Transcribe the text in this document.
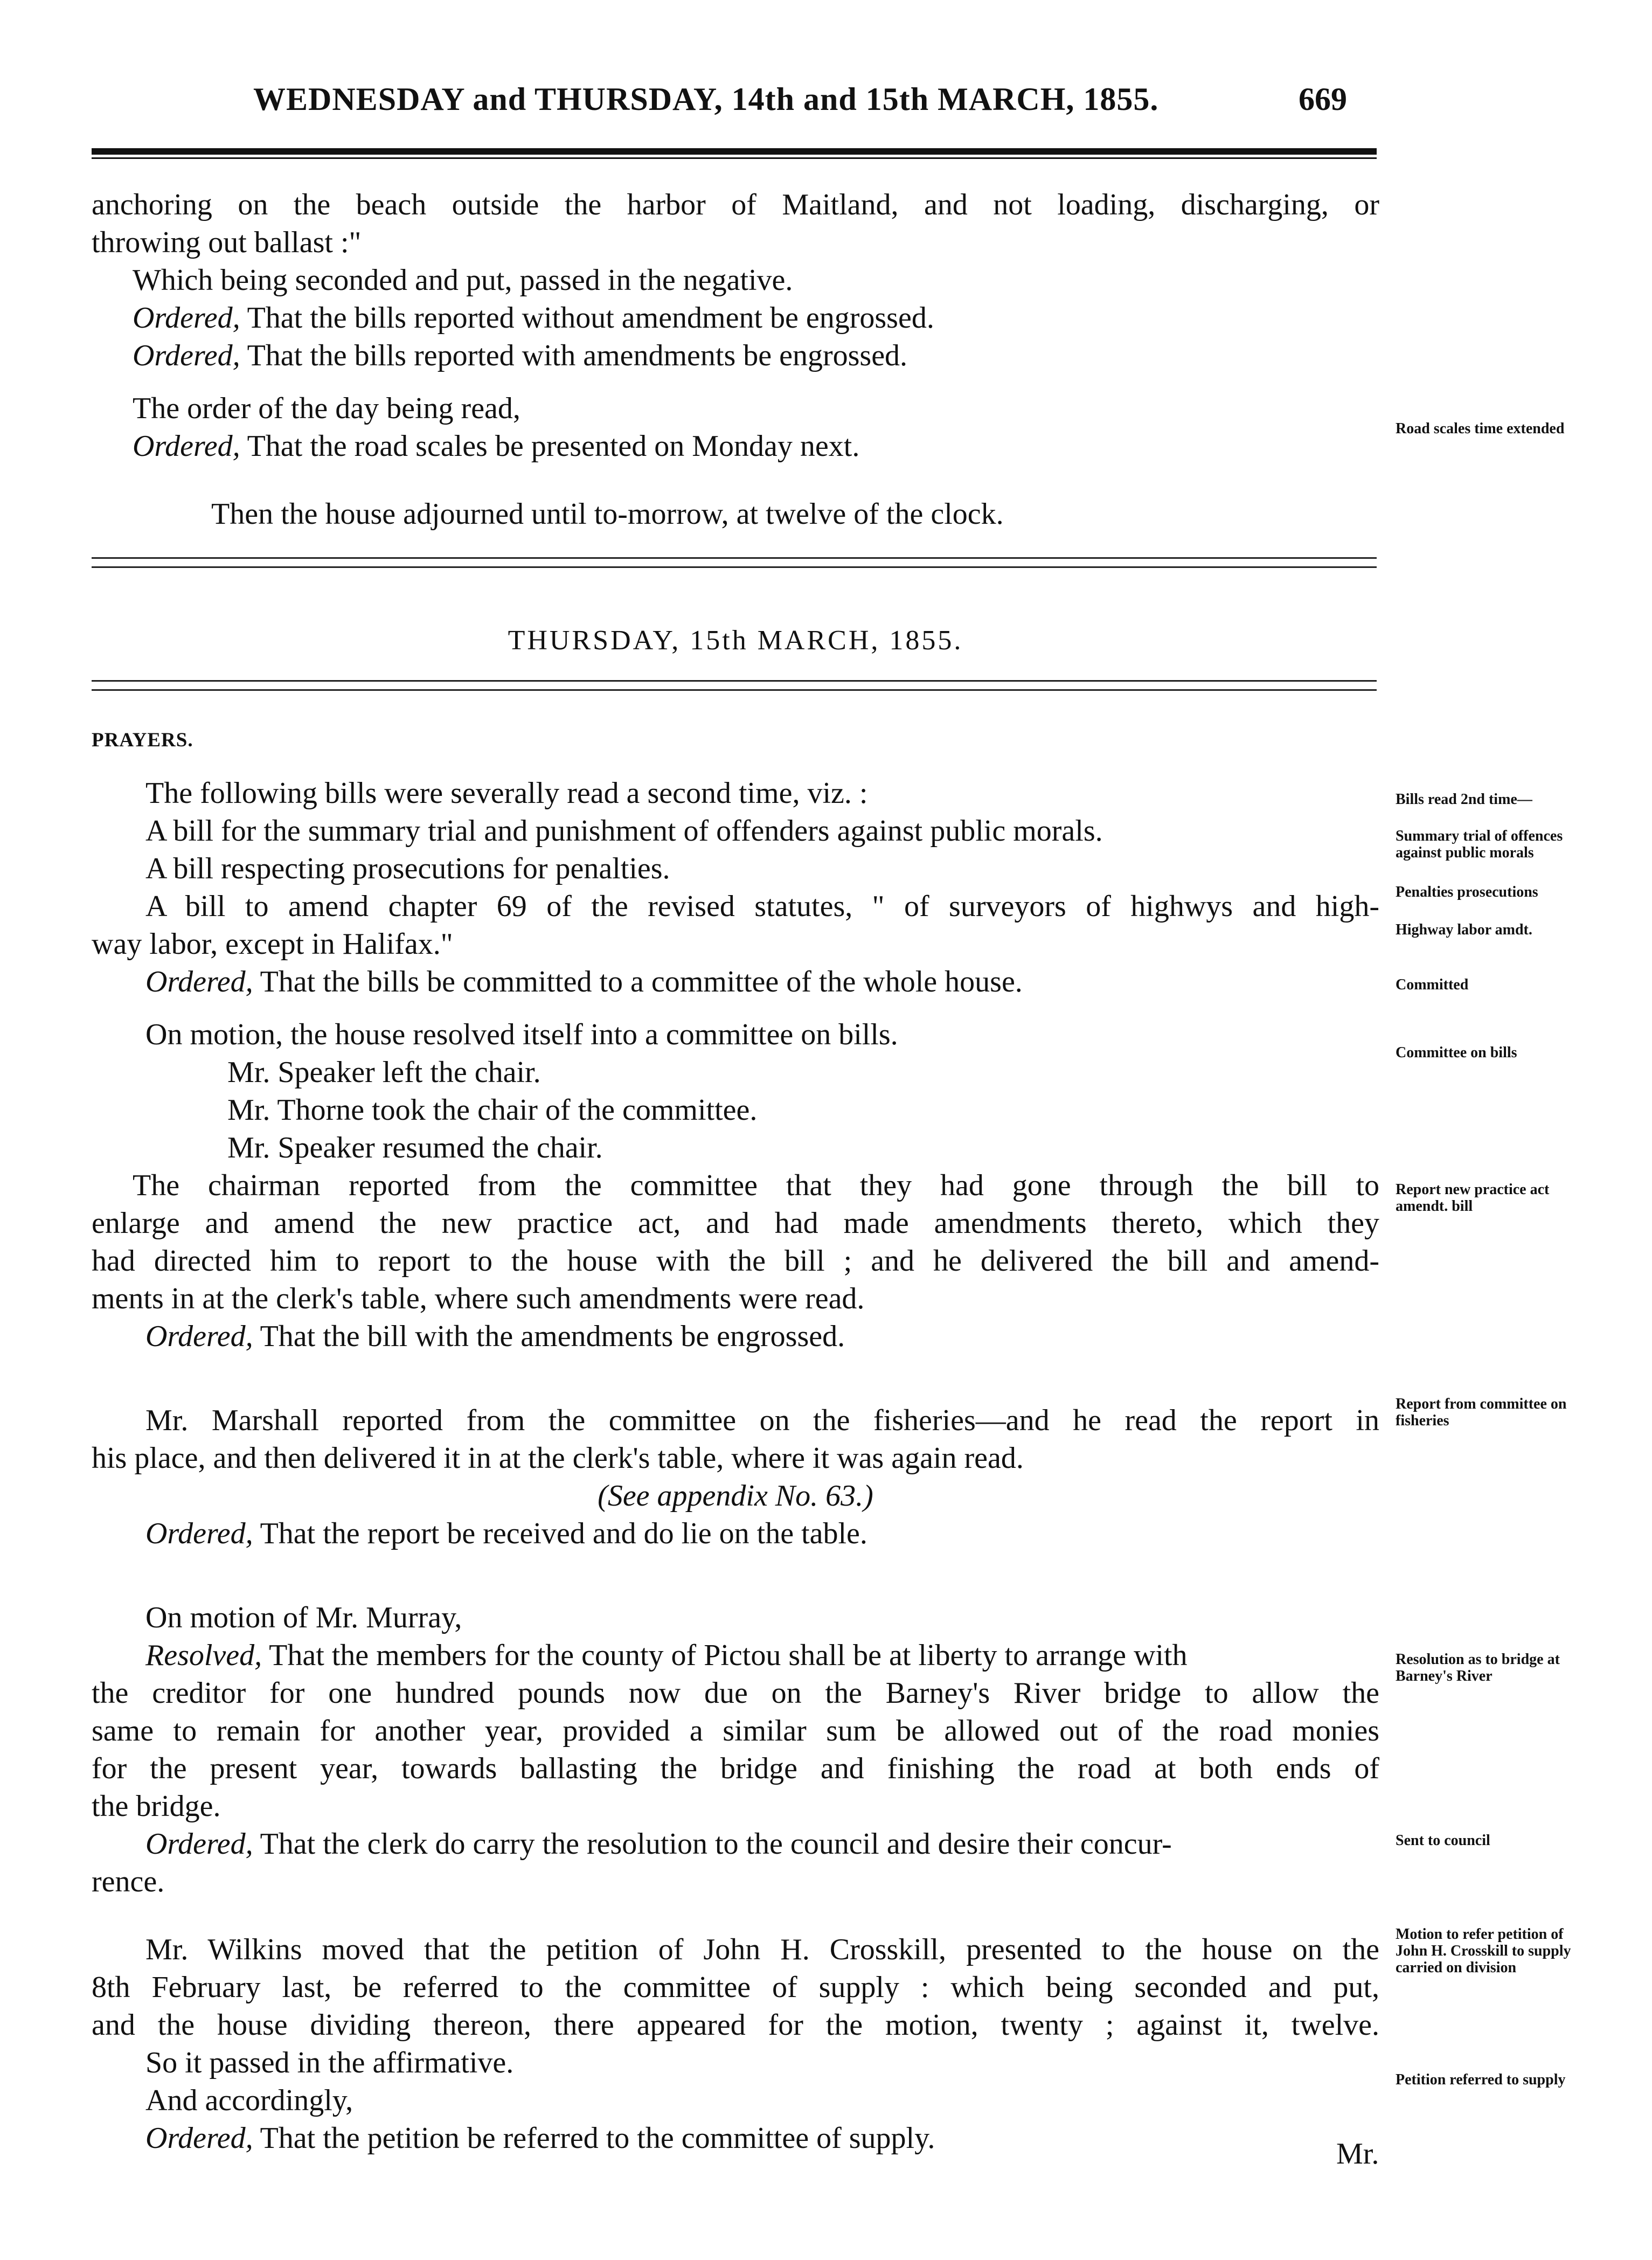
WEDNESDAY and THURSDAY, 14th and 15th MARCH, 1855.	669
anchoring on the beach outside the harbor of Maitland, and not loading, discharging, or
throwing out ballast :"
Which being seconded and put, passed in the negative.
Ordered, That the bills reported without amendment be engrossed.
Ordered, That the bills reported with amendments be engrossed.
The order of the day being read,
Ordered, That the road scales be presented on Monday next.
Then the house adjourned until to-morrow, at twelve of the clock.
THURSDAY, 15th MARCH, 1855.
PRAYERS.
The following bills were severally read a second time, viz. :
A bill for the summary trial and punishment of offenders against public morals.
A bill respecting prosecutions for penalties.
A bill to amend chapter 69 of the revised statutes, " of surveyors of highwys and high-
way labor, except in Halifax."
Ordered, That the bills be committed to a committee of the whole house.
On motion, the house resolved itself into a committee on bills.
Mr. Speaker left the chair.
Mr. Thorne took the chair of the committee.
Mr. Speaker resumed the chair.
The chairman reported from the committee that they had gone through the bill to
enlarge and amend the new practice act, and had made amendments thereto, which they
had directed him to report to the house with the bill ; and he delivered the bill and amend-
ments in at the clerk's table, where such amendments were read.
Ordered, That the bill with the amendments be engrossed.
Mr. Marshall reported from the committee on the fisheries—and he read the report in
his place, and then delivered it in at the clerk's table, where it was again read.
(See appendix No. 63.)
Ordered, That the report be received and do lie on the table.
On motion of Mr. Murray,
Resolved, That the members for the county of Pictou shall be at liberty to arrange with
the creditor for one hundred pounds now due on the Barney's River bridge to allow the
same to remain for another year, provided a similar sum be allowed out of the road monies
for the present year, towards ballasting the bridge and finishing the road at both ends of
the bridge.
Ordered, That the clerk do carry the resolution to the council and desire their concur-
rence.
Mr. Wilkins moved that the petition of John H. Crosskill, presented to the house on the
8th February last, be referred to the committee of supply : which being seconded and put,
and the house dividing thereon, there appeared for the motion, twenty ; against it, twelve.
So it passed in the affirmative.
And accordingly,
Ordered, That the petition be referred to the committee of supply.
Road scales time extended
Bills read 2nd time—
Summary trial of offences against public morals
Penalties prosecutions
Highway labor amdt.
Committed
Committee on bills
Report new practice act amendt. bill
Report from committee on fisheries
Resolution as to bridge at Barney's River
Sent to council
Motion to refer petition of John H. Crosskill to supply carried on division
Petition referred to supply
Mr.
